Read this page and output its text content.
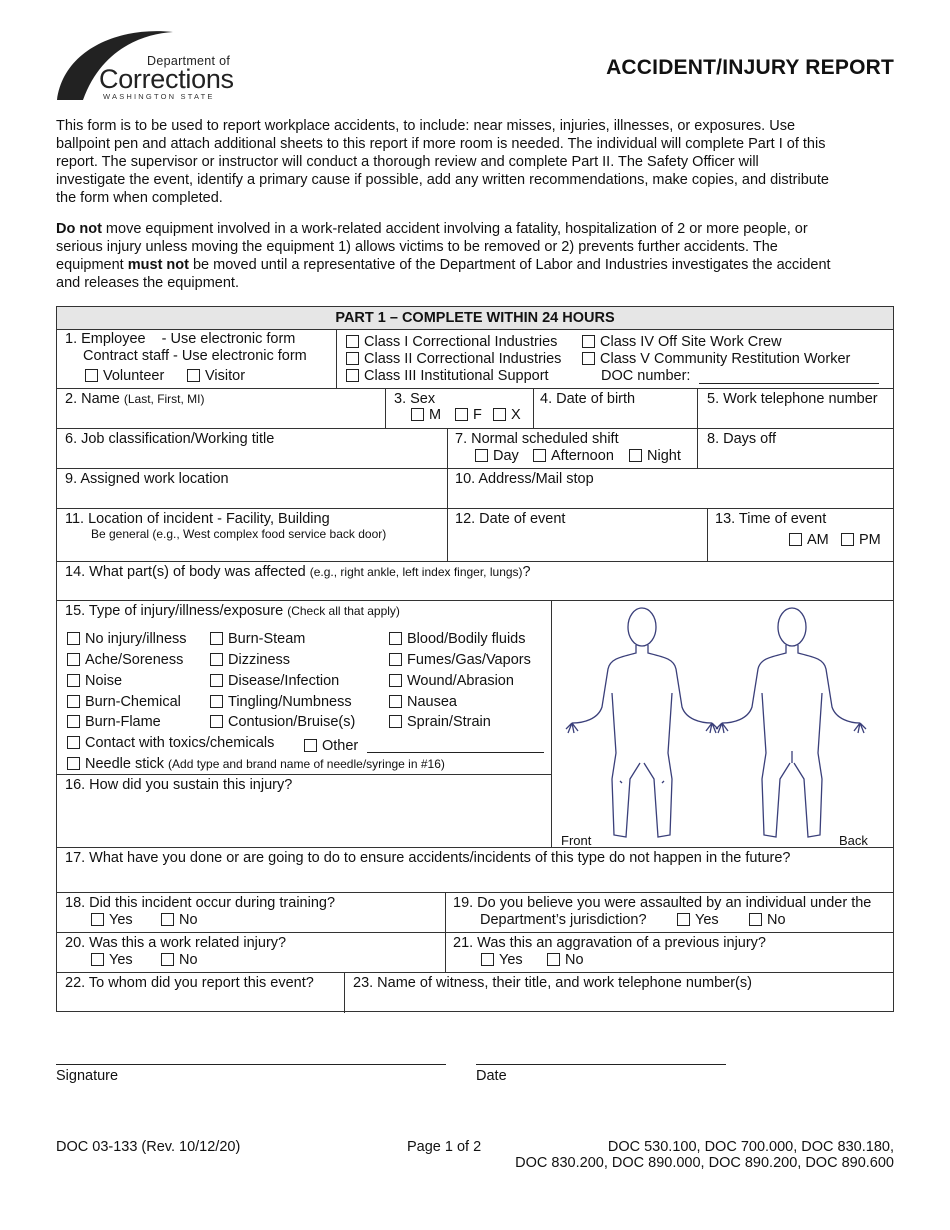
Department of
Corrections
WASHINGTON STATE
ACCIDENT/INJURY REPORT
This form is to be used to report workplace accidents, to include: near misses, injuries, illnesses, or exposures. Use
ballpoint pen and attach additional sheets to this report if more room is needed. The individual will complete Part I of this
report. The supervisor or instructor will conduct a thorough review and complete Part II. The Safety Officer will
investigate the event, identify a primary cause if possible, add any written recommendations, make copies, and distribute
the form when completed.
Do not move equipment involved in a work-related accident involving a fatality, hospitalization of 2 or more people, or
serious injury unless moving the equipment 1) allows victims to be removed or 2) prevents further accidents. The
equipment must not be moved until a representative of the Department of Labor and Industries investigates the accident
and releases the equipment.
PART 1 – COMPLETE WITHIN 24 HOURS
1. Employee - Use electronic form
Contract staff - Use electronic form
Volunteer	Visitor
Class I Correctional Industries
Class II Correctional Industries
Class III Institutional Support
Class IV Off Site Work Crew
Class V Community Restitution Worker
DOC number:
2. Name (Last, First, MI)	3. Sex
M	F	X
4. Date of birth	5. Work telephone number
6. Job classification/Working title	7. Normal scheduled shift
Day	Afternoon	Night
8. Days off
9. Assigned work location	10. Address/Mail stop
11. Location of incident - Facility, Building
Be general (e.g., West complex food service back door)
12. Date of event	13. Time of event
AM	PM
14. What part(s) of body was affected (e.g., right ankle, left index finger, lungs)?
15. Type of injury/illness/exposure (Check all that apply)
No injury/illness
Ache/Soreness
Noise
Burn-Chemical
Burn-Flame
Burn-Steam
Dizziness
Disease/Infection
Tingling/Numbness
Contusion/Bruise(s)
Blood/Bodily fluids
Fumes/Gas/Vapors
Wound/Abrasion
Nausea
Sprain/Strain
Contact with toxics/chemicals	Other
Needle stick (Add type and brand name of needle/syringe in #16)
16. How did you sustain this injury?
Front	Back
17. What have you done or are going to do to ensure accidents/incidents of this type do not happen in the future?
18. Did this incident occur during training?
Yes	No
19. Do you believe you were assaulted by an individual under the
Department’s jurisdiction?	Yes	No
20. Was this a work related injury?
Yes	No
21. Was this an aggravation of a previous injury?
Yes	No
22. To whom did you report this event?	23. Name of witness, their title, and work telephone number(s)
Signature	Date
DOC 03-133 (Rev. 10/12/20)	Page 1 of 2	DOC 530.100, DOC 700.000, DOC 830.180,
DOC 830.200, DOC 890.000, DOC 890.200, DOC 890.600
